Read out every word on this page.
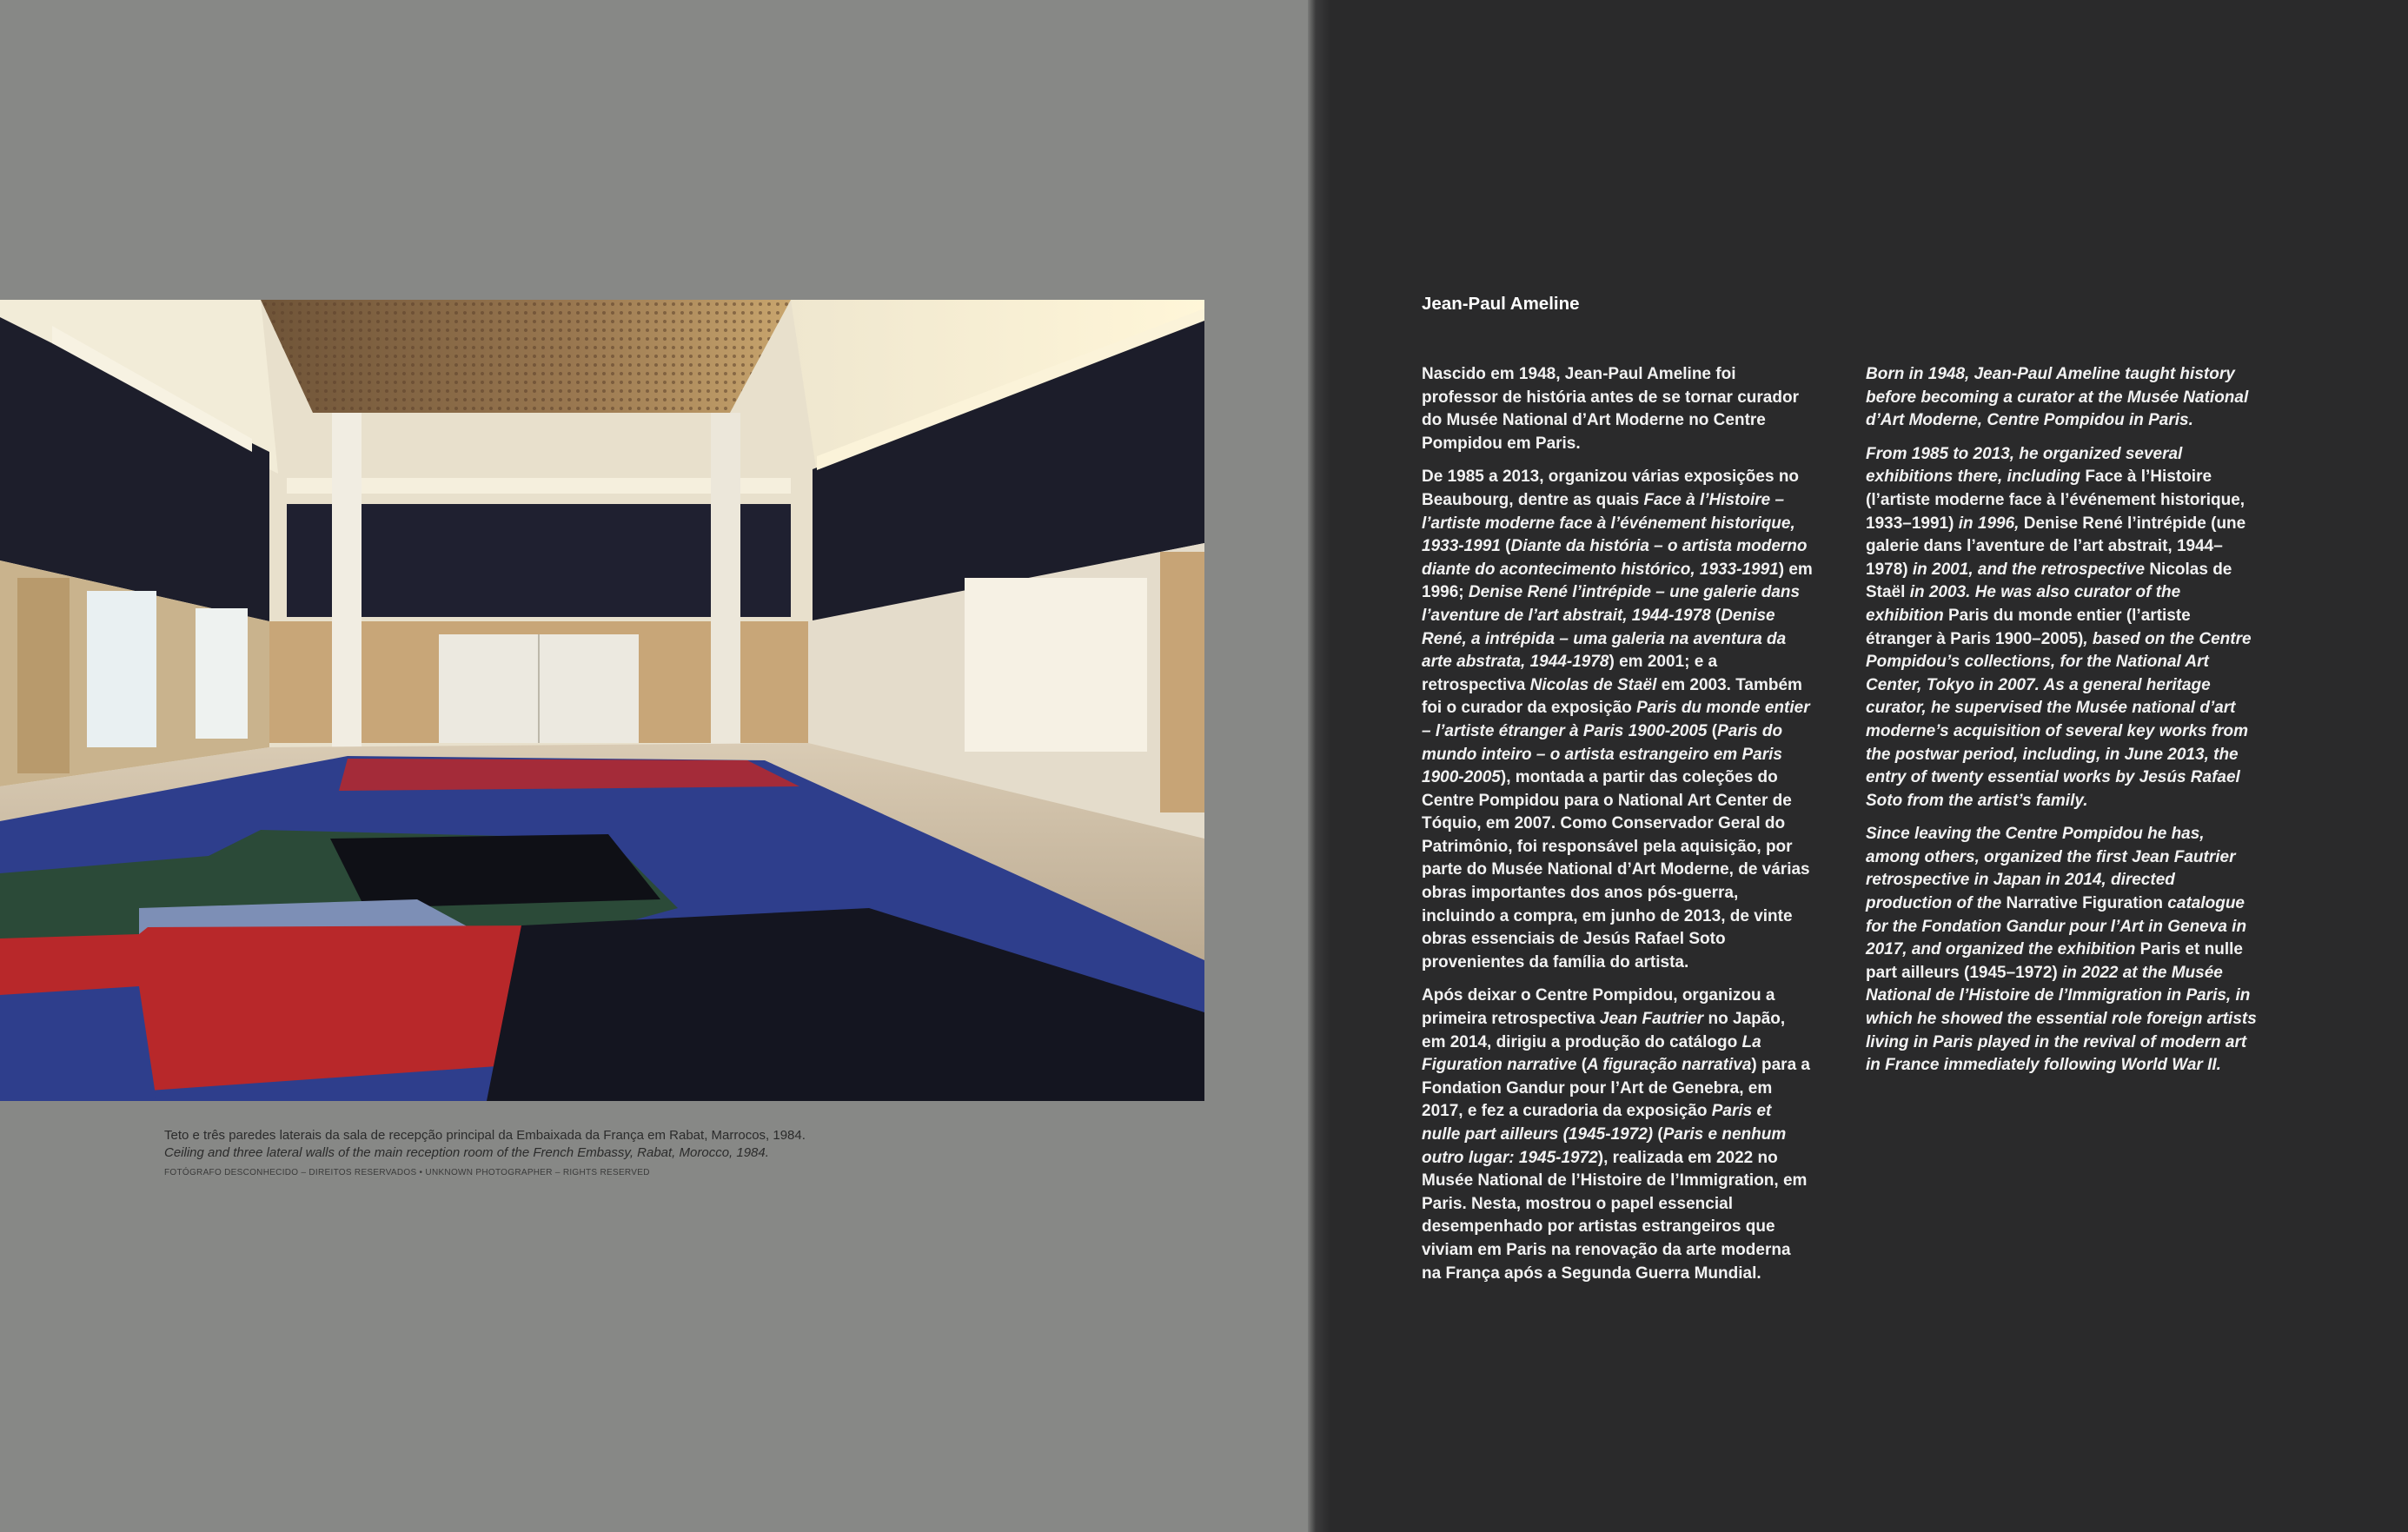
Teto e três paredes laterais da sala de recepção principal da Embaixada da França em Rabat, Marrocos, 1984.

Ceiling and three lateral walls of the main reception room of the French Embassy, Rabat, Morocco, 1984.

FOTÓGRAFO DESCONHECIDO – DIREITOS RESERVADOS • UNKNOWN PHOTOGRAPHER – RIGHTS RESERVED

Jean-Paul Ameline

Nascido em 1948, Jean-Paul Ameline foi professor de história antes de se tornar curador do Musée National d’Art Moderne no Centre Pompidou em Paris.

De 1985 a 2013, organizou várias exposições no Beaubourg, dentre as quais Face à l’Histoire – l’artiste moderne face à l’événement historique, 1933-1991 (Diante da história – o artista moderno diante do acontecimento histórico, 1933-1991) em 1996; Denise René l’intrépide – une galerie dans l’aventure de l’art abstrait, 1944-1978 (Denise René, a intrépida – uma galeria na aventura da arte abstrata, 1944-1978) em 2001; e a retrospectiva Nicolas de Staël em 2003. Também foi o curador da exposição Paris du monde entier – l’artiste étranger à Paris 1900-2005 (Paris do mundo inteiro – o artista estrangeiro em Paris 1900-2005), montada a partir das coleções do Centre Pompidou para o National Art Center de Tóquio, em 2007. Como Conservador Geral do Patrimônio, foi responsável pela aquisição, por parte do Musée National d’Art Moderne, de várias obras importantes dos anos pós-guerra, incluindo a compra, em junho de 2013, de vinte obras essenciais de Jesús Rafael Soto provenientes da família do artista.

Após deixar o Centre Pompidou, organizou a primeira retrospectiva Jean Fautrier no Japão, em 2014, dirigiu a produção do catálogo La Figuration narrative (A figuração narrativa) para a Fondation Gandur pour l’Art de Genebra, em 2017, e fez a curadoria da exposição Paris et nulle part ailleurs (1945-1972) (Paris e nenhum outro lugar: 1945-1972), realizada em 2022 no Musée National de l’Histoire de l’Immigration, em Paris. Nesta, mostrou o papel essencial desempenhado por artistas estrangeiros que viviam em Paris na renovação da arte moderna na França após a Segunda Guerra Mundial.

Born in 1948, Jean-Paul Ameline taught history before becoming a curator at the Musée National d’Art Moderne, Centre Pompidou in Paris.

From 1985 to 2013, he organized several exhibitions there, including Face à l’Histoire (l’artiste moderne face à l’événement historique, 1933–1991) in 1996, Denise René l’intrépide (une galerie dans l’aventure de l’art abstrait, 1944–1978) in 2001, and the retrospective Nicolas de Staël in 2003. He was also curator of the exhibition Paris du monde entier (l’artiste étranger à Paris 1900–2005), based on the Centre Pompidou’s collections, for the National Art Center, Tokyo in 2007. As a general heritage curator, he supervised the Musée national d’art moderne’s acquisition of several key works from the postwar period, including, in June 2013, the entry of twenty essential works by Jesús Rafael Soto from the artist’s family.

Since leaving the Centre Pompidou he has, among others, organized the first Jean Fautrier retrospective in Japan in 2014, directed production of the Narrative Figuration catalogue for the Fondation Gandur pour l’Art in Geneva in 2017, and organized the exhibition Paris et nulle part ailleurs (1945–1972) in 2022 at the Musée National de l’Histoire de l’Immigration in Paris, in which he showed the essential role foreign artists living in Paris played in the revival of modern art in France immediately following World War II.
